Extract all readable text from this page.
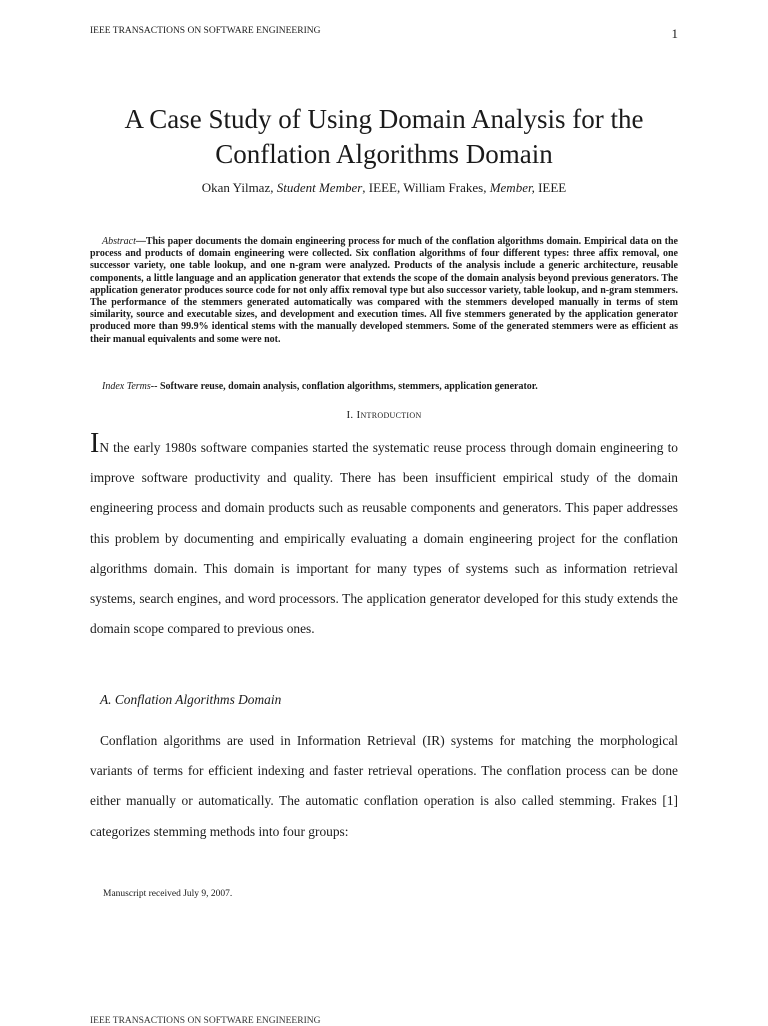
IEEE TRANSACTIONS ON SOFTWARE ENGINEERING	1
A Case Study of Using Domain Analysis for the
Conflation Algorithms Domain
Okan Yilmaz, Student Member, IEEE, William Frakes, Member, IEEE
Abstract—This paper documents the domain engineering process for much of the conflation algorithms domain. Empirical data on the process and products of domain engineering were collected. Six conflation algorithms of four different types: three affix removal, one successor variety, one table lookup, and one n-gram were analyzed. Products of the analysis include a generic architecture, reusable components, a little language and an application generator that extends the scope of the domain analysis beyond previous generators. The application generator produces source code for not only affix removal type but also successor variety, table lookup, and n-gram stemmers. The performance of the stemmers generated automatically was compared with the stemmers developed manually in terms of stem similarity, source and executable sizes, and development and execution times. All five stemmers generated by the application generator produced more than 99.9% identical stems with the manually developed stemmers. Some of the generated stemmers were as efficient as their manual equivalents and some were not.
Index Terms-- Software reuse, domain analysis, conflation algorithms, stemmers, application generator.
I. Introduction
IN the early 1980s software companies started the systematic reuse process through domain engineering to improve software productivity and quality. There has been insufficient empirical study of the domain engineering process and domain products such as reusable components and generators. This paper addresses this problem by documenting and empirically evaluating a domain engineering project for the conflation algorithms domain. This domain is important for many types of systems such as information retrieval systems, search engines, and word processors. The application generator developed for this study extends the domain scope compared to previous ones.
A. Conflation Algorithms Domain
Conflation algorithms are used in Information Retrieval (IR) systems for matching the morphological variants of terms for efficient indexing and faster retrieval operations. The conflation process can be done either manually or automatically. The automatic conflation operation is also called stemming. Frakes [1] categorizes stemming methods into four groups:
Manuscript received July 9, 2007.
IEEE TRANSACTIONS ON SOFTWARE ENGINEERING
